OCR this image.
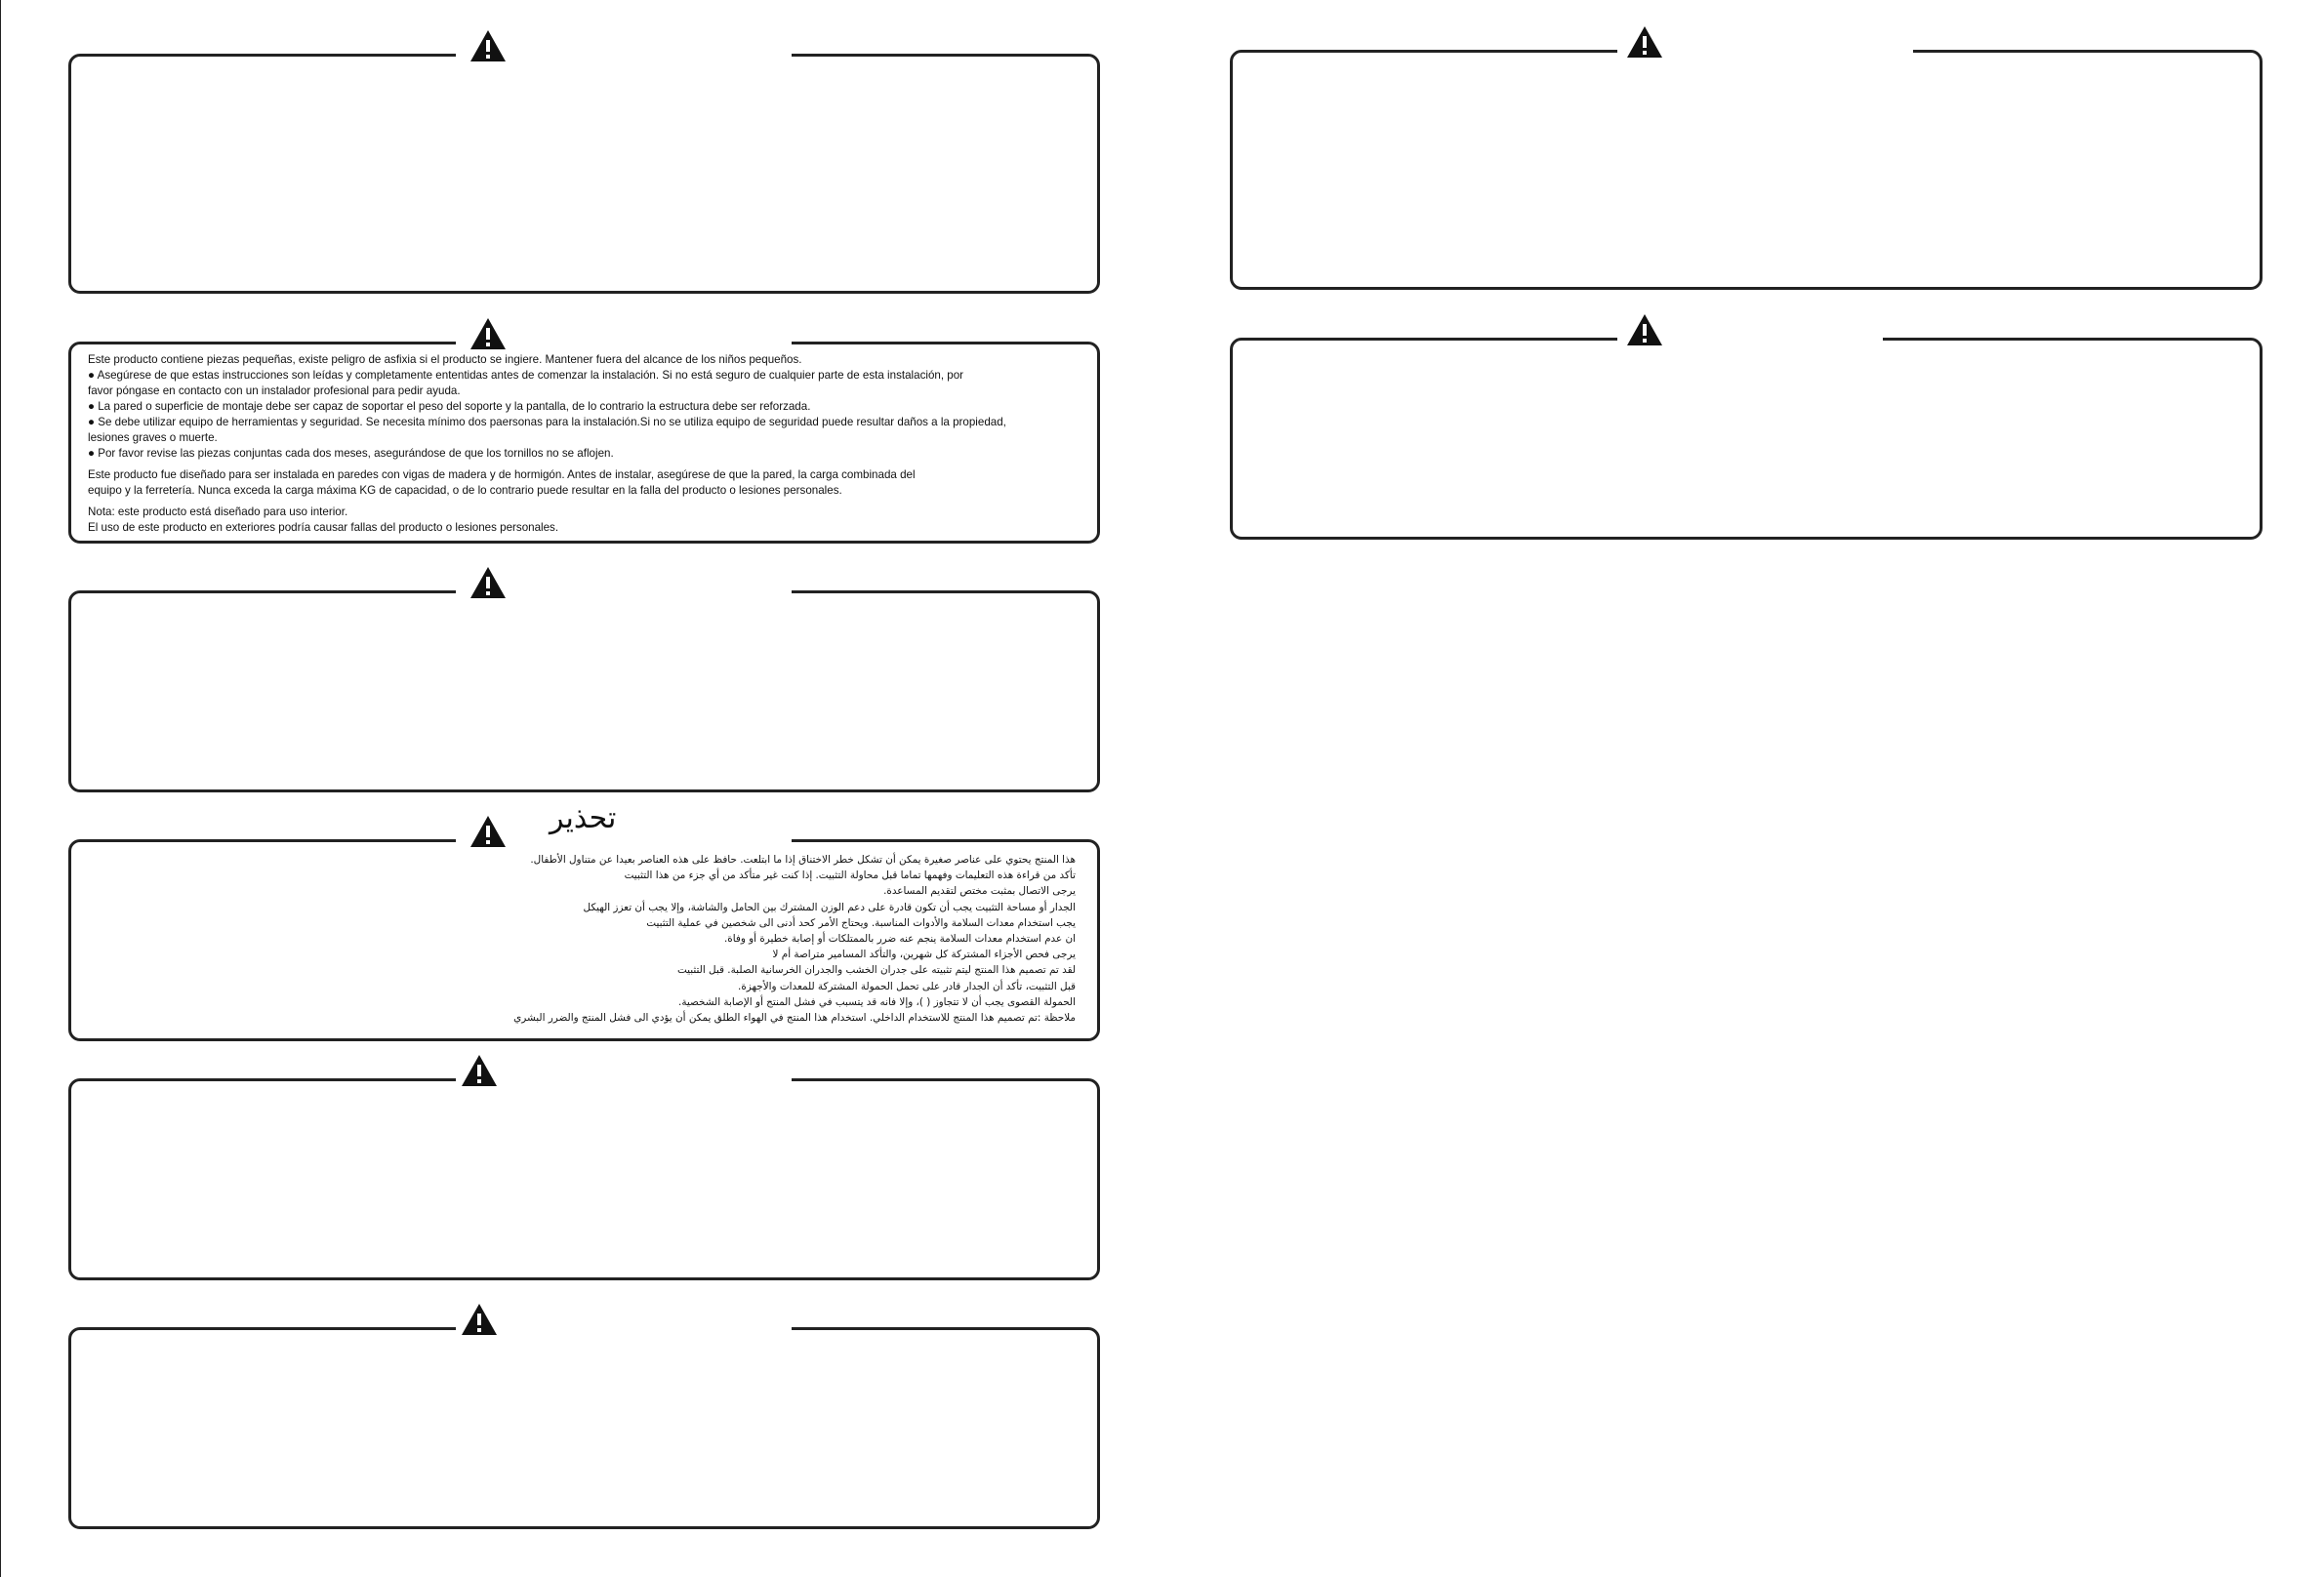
Este producto contiene piezas pequeñas, existe peligro de asfixia si el producto se ingiere. Mantener fuera del alcance de los niños pequeños.

● Asegúrese de que estas instrucciones son leídas y completamente ententidas antes de comenzar la instalación. Si no está seguro de cualquier parte de esta instalación, por

favor póngase en contacto con un instalador profesional para pedir ayuda.

● La pared o superficie de montaje debe ser capaz de soportar el peso del soporte y la pantalla, de lo contrario la estructura debe ser reforzada.

● Se debe utilizar equipo de herramientas y seguridad. Se necesita mínimo dos paersonas para la instalación.Si no se utiliza equipo de seguridad puede resultar daños a la propiedad,

lesiones graves o muerte.

● Por favor revise las piezas conjuntas cada dos meses, asegurándose de que los tornillos no se aflojen.

Este producto fue diseñado para ser instalada en paredes con vigas de madera y de hormigón. Antes de instalar, asegúrese de que la pared, la carga combinada del

equipo y la ferretería. Nunca exceda la carga máxima KG de capacidad, o de lo contrario puede resultar en la falla del producto o lesiones personales.

Nota: este producto está diseñado para uso interior.

El uso de este producto en exteriores podría causar fallas del producto o lesiones personales.

تحذير

هذا المنتج يحتوي على عناصر صغيرة يمكن أن تشكل خطر الاختناق إذا ما ابتلعت. حافظ على هذه العناصر بعيدا عن متناول الأطفال.

تأكد من قراءة هذه التعليمات وفهمها تماما قبل محاولة التثبيت. إذا كنت غير متأكد من أي جزء من هذا التثبيت

يرجى الاتصال بمثبت مختص لتقديم المساعدة.

الجدار أو مساحة التثبيت يجب أن تكون قادرة على دعم الوزن المشترك بين الحامل والشاشة، وإلا يجب أن تعزز الهيكل

يجب استخدام معدات السلامة والأدوات المناسبة. ويحتاج الأمر كحد أدنى الى شخصين في عملية التثبيت

ان عدم استخدام معدات السلامة ينجم عنه ضرر بالممتلكات أو إصابة خطيرة أو وفاة.

يرجى فحص الأجزاء المشتركة كل شهرين، والتأكد المسامير متراصة أم لا

لقد تم تصميم هذا المنتج ليتم تثبيته على جدران الخشب والجدران الخرسانية الصلبة. قبل التثبيت

قبل التثبيت، تأكد أن الجدار قادر على تحمل الحمولة المشتركة للمعدات والأجهزة.

الحمولة القصوى يجب أن لا تتجاوز ( )، وإلا فانه قد يتسبب في فشل المنتج أو الإصابة الشخصية.

ملاحظة :تم تصميم هذا المنتج للاستخدام الداخلي. استخدام هذا المنتج في الهواء الطلق يمكن أن يؤدي الى فشل المنتج والضرر البشري
